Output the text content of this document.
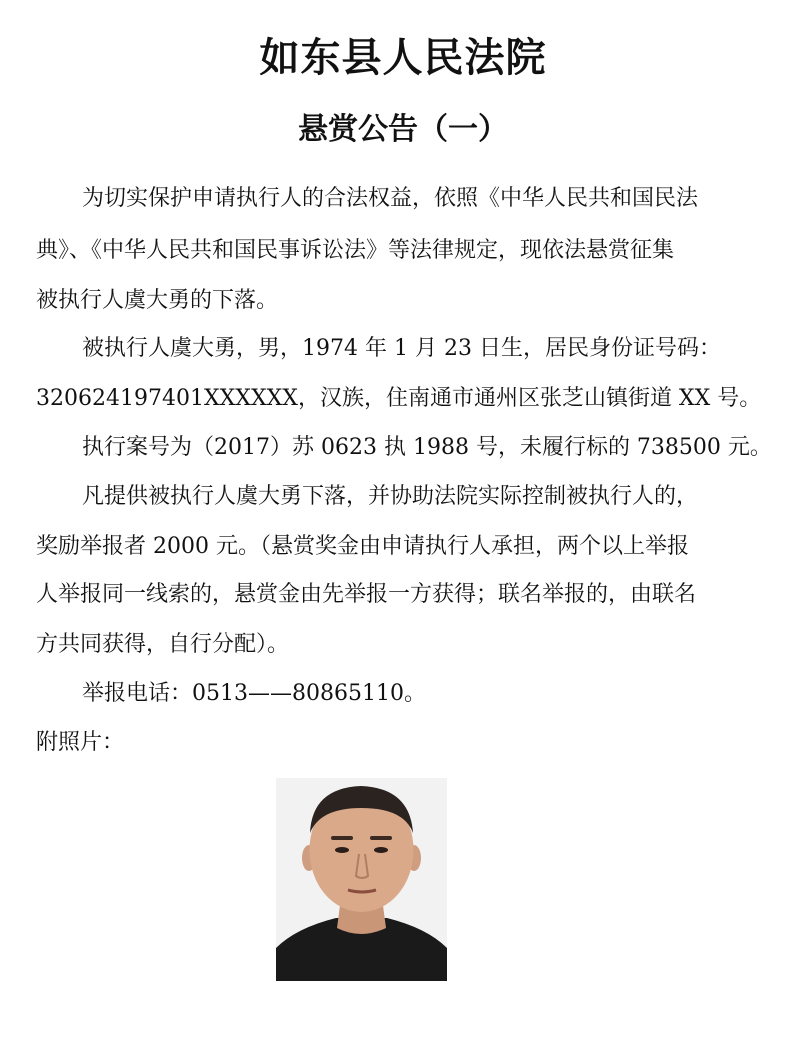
如东县人民法院
悬赏公告（一）
为切实保护申请执行人的合法权益，依照《中华人民共和国民法
典》、《中华人民共和国民事诉讼法》等法律规定，现依法悬赏征集
被执行人虞大勇的下落。
被执行人虞大勇，男，1974 年 1 月 23 日生，居民身份证号码：
320624197401XXXXXX，汉族，住南通市通州区张芝山镇街道 XX 号。
执行案号为（2017）苏 0623 执 1988 号，未履行标的 738500 元。
凡提供被执行人虞大勇下落，并协助法院实际控制被执行人的，
奖励举报者 2000 元。（悬赏奖金由申请执行人承担，两个以上举报
人举报同一线索的，悬赏金由先举报一方获得；联名举报的，由联名
方共同获得，自行分配）。
举报电话：0513——80865110。
附照片：
